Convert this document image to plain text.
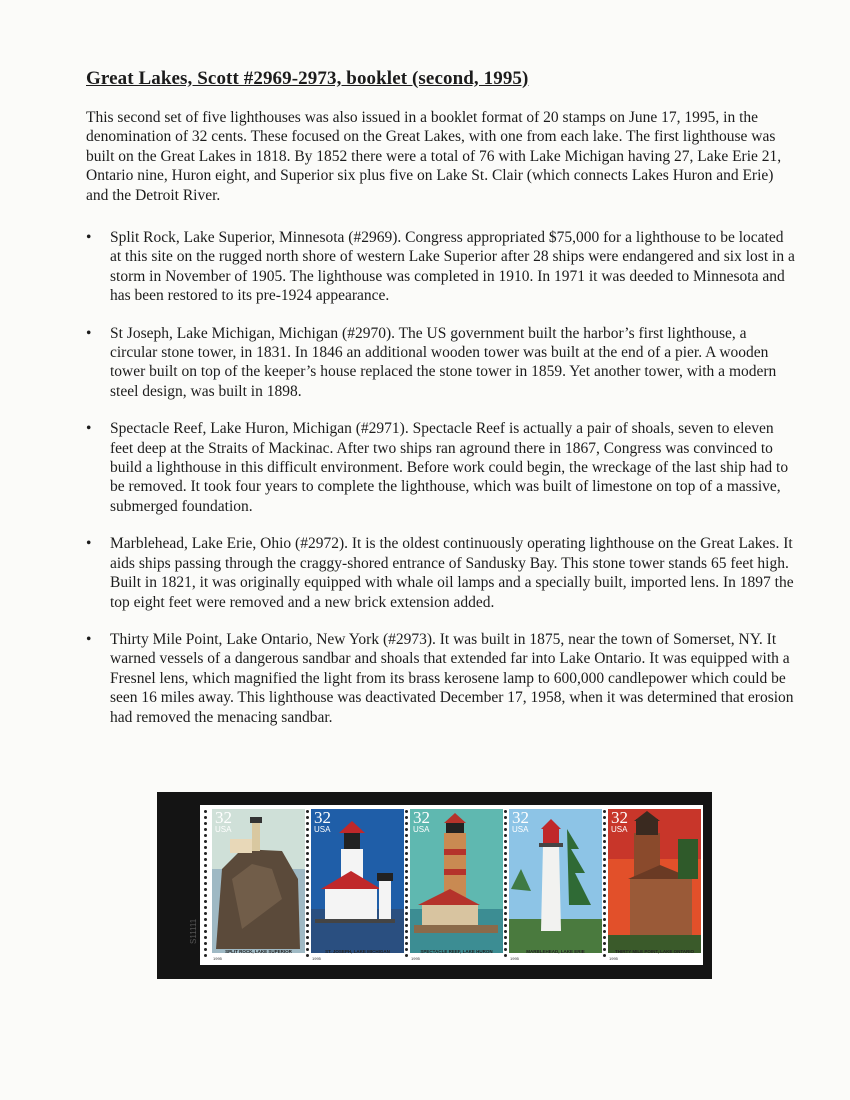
Great Lakes, Scott #2969-2973, booklet (second, 1995)

This second set of five lighthouses was also issued in a booklet format of 20 stamps on June 17, 1995, in the denomination of 32 cents. These focused on the Great Lakes, with one from each lake. The first lighthouse was built on the Great Lakes in 1818. By 1852 there were a total of 76 with Lake Michigan having 27, Lake Erie 21, Ontario nine, Huron eight, and Superior six plus five on Lake St. Clair (which connects Lakes Huron and Erie) and the Detroit River.

• Split Rock, Lake Superior, Minnesota (#2969). Congress appropriated $75,000 for a lighthouse to be located at this site on the rugged north shore of western Lake Superior after 28 ships were endangered and six lost in a storm in November of 1905. The lighthouse was completed in 1910. In 1971 it was deeded to Minnesota and has been restored to its pre-1924 appearance.
• St Joseph, Lake Michigan, Michigan (#2970). The US government built the harbor’s first lighthouse, a circular stone tower, in 1831. In 1846 an additional wooden tower was built at the end of a pier. A wooden tower built on top of the keeper’s house replaced the stone tower in 1859. Yet another tower, with a modern steel design, was built in 1898.
• Spectacle Reef, Lake Huron, Michigan (#2971). Spectacle Reef is actually a pair of shoals, seven to eleven feet deep at the Straits of Mackinac. After two ships ran aground there in 1867, Congress was convinced to build a lighthouse in this difficult environment. Before work could begin, the wreckage of the last ship had to be removed. It took four years to complete the lighthouse, which was built of limestone on top of a massive, submerged foundation.
• Marblehead, Lake Erie, Ohio (#2972). It is the oldest continuously operating lighthouse on the Great Lakes. It aids ships passing through the craggy-shored entrance of Sandusky Bay. This stone tower stands 65 feet high. Built in 1821, it was originally equipped with whale oil lamps and a specially built, imported lens. In 1897 the top eight feet were removed and a new brick extension added.
• Thirty Mile Point, Lake Ontario, New York (#2973). It was built in 1875, near the town of Somerset, NY. It warned vessels of a dangerous sandbar and shoals that extended far into Lake Ontario. It was equipped with a Fresnel lens, which magnified the light from its brass kerosene lamp to 600,000 candlepower which could be seen 16 miles away. This lighthouse was deactivated December 17, 1958, when it was determined that erosion had removed the menacing sandbar.
S11111
32
USA
32
USA
32
USA
32
USA
32
USA
SPLIT ROCK, LAKE SUPERIOR	ST. JOSEPH, LAKE MICHIGAN	SPECTACLE REEF, LAKE HURON	MARBLEHEAD, LAKE ERIE	THIRTY MILE POINT, LAKE ONTARIO
1995	1995	1995	1995	1995
